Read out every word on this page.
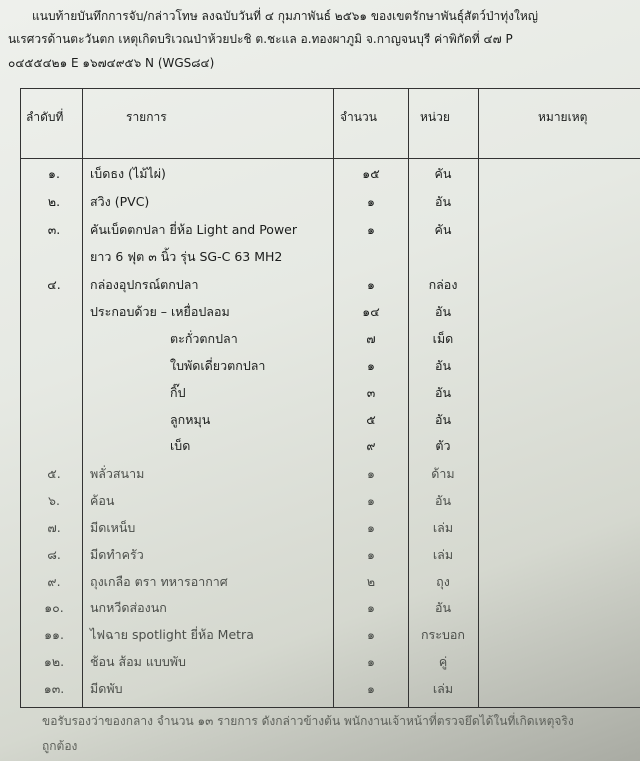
แนบท้ายบันทึกการจับ/กล่าวโทษ ลงฉบับวันที่ ๔ กุมภาพันธ์ ๒๕๖๑ ของเขตรักษาพันธุ์สัตว์ป่าทุ่งใหญ่
นเรศวรด้านตะวันตก เหตุเกิดบริเวณป่าห้วยปะชิ ต.ชะแล อ.ทองผาภูมิ จ.กาญจนบุรี ค่าพิกัดที่ ๔๗ P
๐๔๕๕๔๒๑ E ๑๖๗๔๙๕๖ N (WGS๘๔)
ลำดับที่	รายการ	จำนวน	หน่วย	หมายเหตุ
๑.	เบ็ดธง (ไม้ไผ่)	๑๕	คัน
๒.	สวิง (PVC)	๑	อัน
๓.	คันเบ็ดตกปลา ยี่ห้อ Light and Power	๑	คัน
ยาว 6 ฟุต ๓ นิ้ว รุ่น SG-C 63 MH2
๔.	กล่องอุปกรณ์ตกปลา	๑	กล่อง
ประกอบด้วย – เหยื่อปลอม	๑๔	อัน
ตะกั่วตกปลา	๗	เม็ด
ใบพัดเดี่ยวตกปลา	๑	อัน
กิ๊ป	๓	อัน
ลูกหมุน	๕	อัน
เบ็ด	๙	ตัว
๕.	พลั่วสนาม	๑	ด้าม
๖.	ค้อน	๑	อัน
๗.	มีดเหน็บ	๑	เล่ม
๘.	มีดทำครัว	๑	เล่ม
๙.	ถุงเกลือ ตรา ทหารอากาศ	๒	ถุง
๑๐.	นกหวีดส่องนก	๑	อัน
๑๑.	ไฟฉาย spotlight ยี่ห้อ Metra	๑	กระบอก
๑๒.	ช้อน ส้อม แบบพับ	๑	คู่
๑๓.	มีดพับ	๑	เล่ม
ขอรับรองว่าของกลาง จำนวน ๑๓ รายการ ดังกล่าวข้างต้น พนักงานเจ้าหน้าที่ตรวจยึดได้ในที่เกิดเหตุจริง
ถูกต้อง
